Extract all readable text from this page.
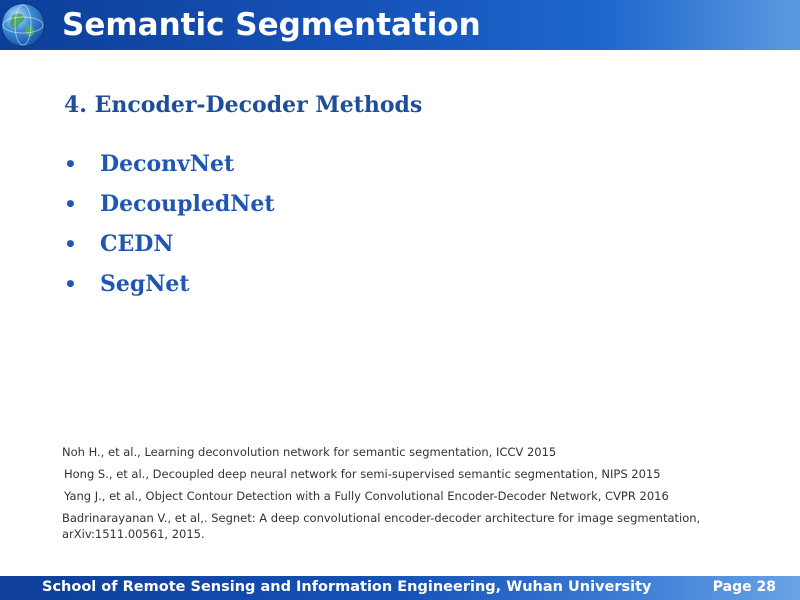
Semantic Segmentation
4. Encoder-Decoder Methods
•	DeconvNet
•	DecoupledNet
•	CEDN
•	SegNet

Noh H., et al., Learning deconvolution network for semantic segmentation, ICCV 2015

Hong S., et al., Decoupled deep neural network for semi-supervised semantic segmentation, NIPS 2015

Yang J., et al., Object Contour Detection with a Fully Convolutional Encoder-Decoder Network, CVPR 2016

Badrinarayanan V., et al,. Segnet: A deep convolutional encoder-decoder architecture for image segmentation, arXiv:1511.00561, 2015.

School of Remote Sensing and Information Engineering, Wuhan University	Page 28
